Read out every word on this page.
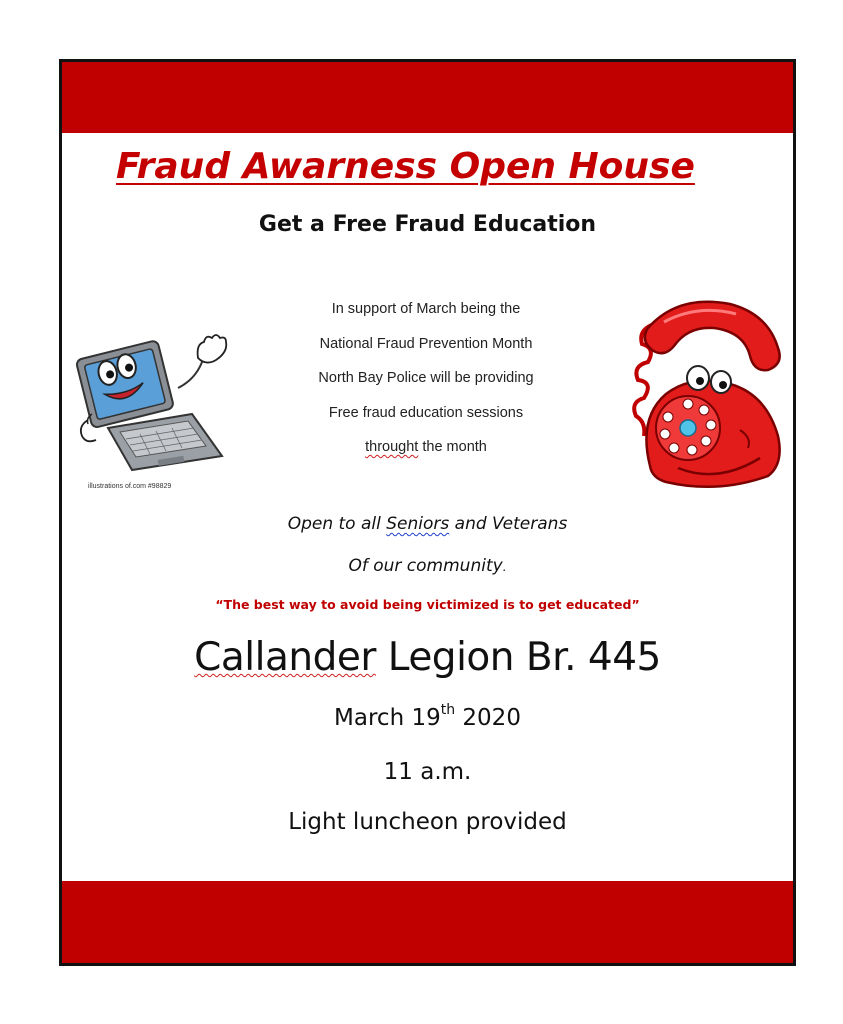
Fraud Awarness Open House
Get a Free Fraud Education
illustrations of.com #98829
In support of March being the
National Fraud Prevention Month
North Bay Police will be providing
Free fraud education sessions
throught the month
Open to all Seniors and Veterans
Of our community.
“The best way to avoid being victimized is to get educated”
Callander Legion Br. 445
March 19th 2020
11 a.m.
Light luncheon provided
